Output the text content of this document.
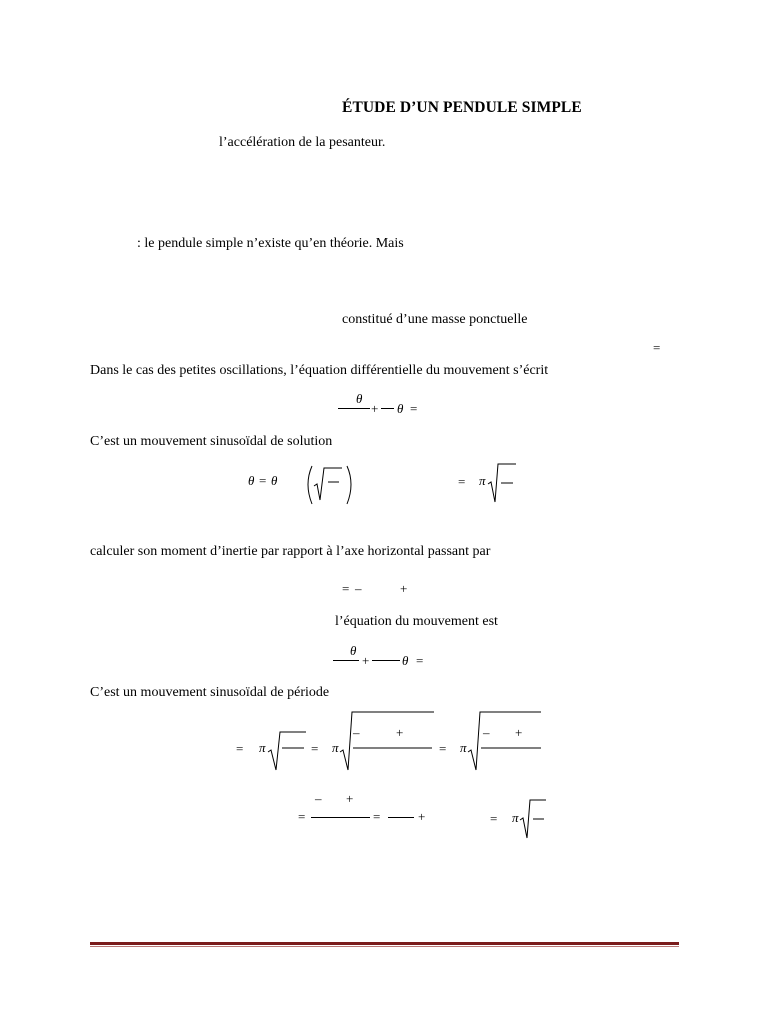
ÉTUDE D’UN PENDULE SIMPLE
l’accélération de la pesanteur.
: le pendule simple n’existe qu’en théorie. Mais
constitué d’une masse ponctuelle
=
Dans le cas des petites oscillations, l’équation différentielle du mouvement s’écrit
θ
+ θ =
C’est un mouvement sinusoïdal de solution
θ = θ	= π
calculer son moment d’inertie par rapport à l’axe horizontal passant par
= –	+
l’équation du mouvement est
θ
+	θ =
C’est un mouvement sinusoïdal de période
= π	= π
–	+
= π
– +
– +
=	=	+	= π
